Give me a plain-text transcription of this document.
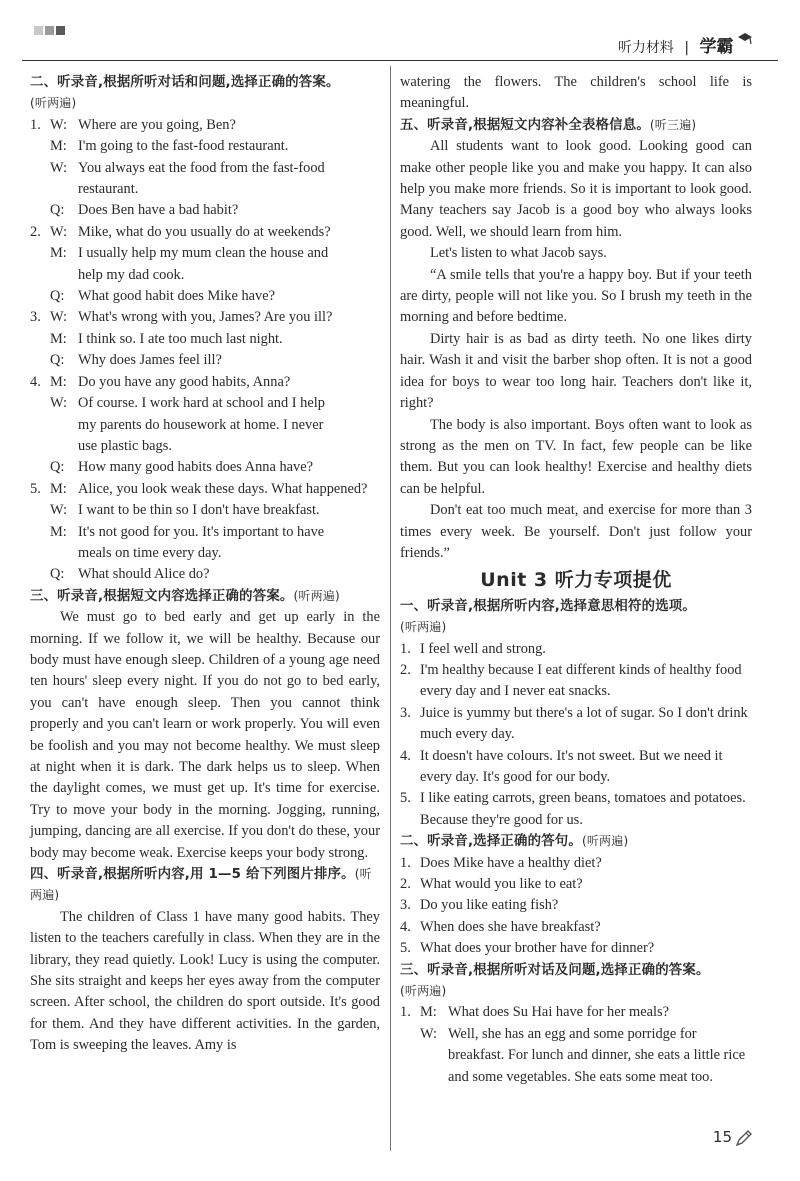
听力材料 | 学霸
二、听录音,根据所听对话和问题,选择正确的答案。
(听两遍)
1. W: Where are you going, Ben?
M: I'm going to the fast-food restaurant.
W: You always eat the food from the fast-food
restaurant.
Q: Does Ben have a bad habit?
2. W: Mike, what do you usually do at weekends?
M: I usually help my mum clean the house and
help my dad cook.
Q: What good habit does Mike have?
3. W: What's wrong with you, James? Are you ill?
M: I think so. I ate too much last night.
Q: Why does James feel ill?
4. M: Do you have any good habits, Anna?
W: Of course. I work hard at school and I help
my parents do housework at home. I never
use plastic bags.
Q: How many good habits does Anna have?
5. M: Alice, you look weak these days. What happened?
W: I want to be thin so I don't have breakfast.
M: It's not good for you. It's important to have
meals on time every day.
Q: What should Alice do?
三、听录音,根据短文内容选择正确的答案。(听两遍)
We must go to bed early and get up early in the morning. If we follow it, we will be healthy. Because our body must have enough sleep. Children of a young age need ten hours' sleep every night. If you do not go to bed early, you can't have enough sleep. Then you cannot think properly and you can't learn or work properly. You will even be foolish and you may not become healthy. We must sleep at night when it is dark. The dark helps us to sleep. When the daylight comes, we must get up. It's time for exercise. Try to move your body in the morning. Jogging, running, jumping, dancing are all exercise. If you don't do these, your body may become weak. Exercise keeps your body strong.
四、听录音,根据所听内容,用 1—5 给下列图片排序。(听两遍)
The children of Class 1 have many good habits. They listen to the teachers carefully in class. When they are in the library, they read quietly. Look! Lucy is using the computer. She sits straight and keeps her eyes away from the computer screen. After school, the children do sport outside. It's good for them. And they have different activities. In the garden, Tom is sweeping the leaves. Amy is
watering the flowers. The children's school life is meaningful.
五、听录音,根据短文内容补全表格信息。(听三遍)
All students want to look good. Looking good can make other people like you and make you happy. It can also help you make more friends. So it is important to look good. Many teachers say Jacob is a good boy who always looks good. Well, we should learn from him.
Let's listen to what Jacob says.
“A smile tells that you're a happy boy. But if your teeth are dirty, people will not like you. So I brush my teeth in the morning and before bedtime.
Dirty hair is as bad as dirty teeth. No one likes dirty hair. Wash it and visit the barber shop often. It is not a good idea for boys to wear too long hair. Teachers don't like it, right?
The body is also important. Boys often want to look as strong as the men on TV. In fact, few people can be like them. But you can look healthy! Exercise and healthy diets can be helpful.
Don't eat too much meat, and exercise for more than 3 times every week. Be yourself. Don't just follow your friends.”
Unit 3 听力专项提优
一、听录音,根据所听内容,选择意思相符的选项。
(听两遍)
1. I feel well and strong.
2. I'm healthy because I eat different kinds of healthy food every day and I never eat snacks.
3. Juice is yummy but there's a lot of sugar. So I don't drink much every day.
4. It doesn't have colours. It's not sweet. But we need it every day. It's good for our body.
5. I like eating carrots, green beans, tomatoes and potatoes. Because they're good for us.
二、听录音,选择正确的答句。(听两遍)
1. Does Mike have a healthy diet?
2. What would you like to eat?
3. Do you like eating fish?
4. When does she have breakfast?
5. What does your brother have for dinner?
三、听录音,根据所听对话及问题,选择正确的答案。
(听两遍)
1. M: What does Su Hai have for her meals?
W: Well, she has an egg and some porridge for breakfast. For lunch and dinner, she eats a little rice and some vegetables. She eats some meat too.
15
